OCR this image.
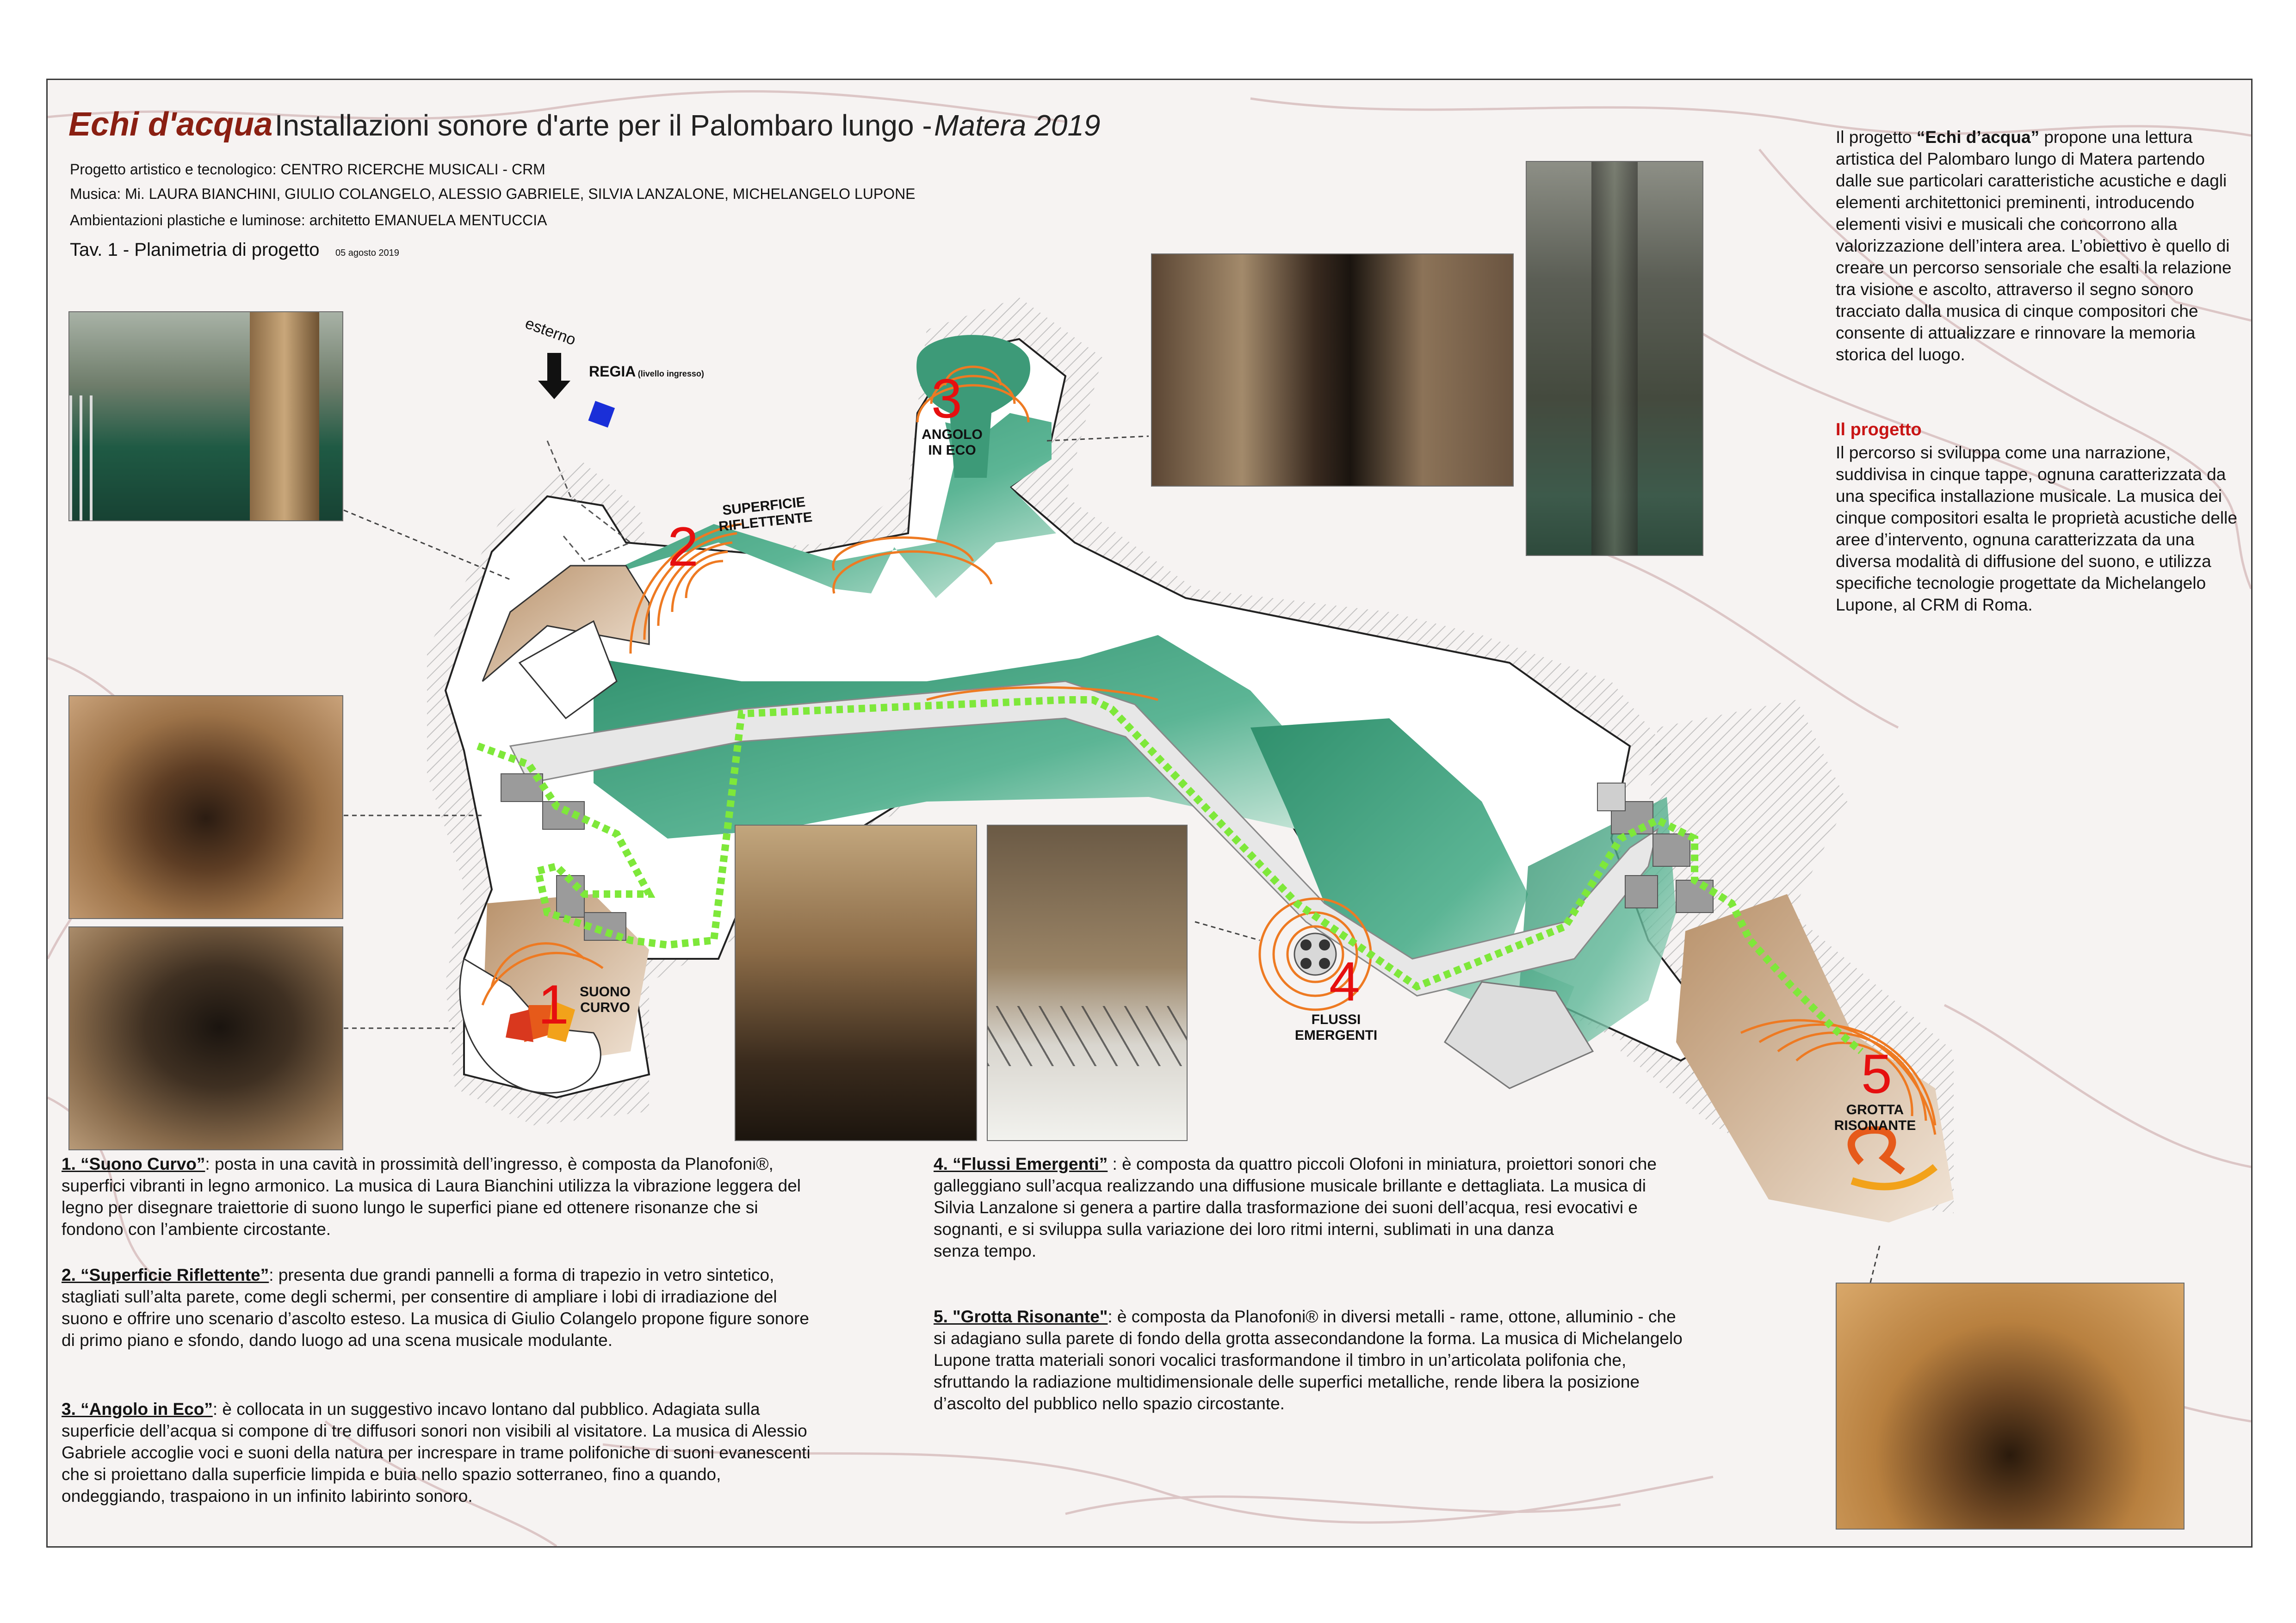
Echi d'acqua Installazioni sonore d'arte per il Palombaro lungo - Matera 2019
Progetto artistico e tecnologico: CENTRO RICERCHE MUSICALI - CRM
Musica: Mi. LAURA BIANCHINI, GIULIO COLANGELO, ALESSIO GABRIELE, SILVIA LANZALONE, MICHELANGELO LUPONE
Ambientazioni plastiche e luminose: architetto EMANUELA MENTUCCIA
Tav. 1 - Planimetria di progetto 05 agosto 2019
Il progetto “Echi d’acqua” propone una lettura artistica del Palombaro lungo di Matera partendo dalle sue particolari caratteristiche acustiche e dagli elementi architettonici preminenti, introducendo elementi visivi e musicali che concorrono alla valorizzazione dell’intera area. L’obiettivo è quello di creare un percorso sensoriale che esalti la relazione tra visione e ascolto, attraverso il segno sonoro tracciato dalla musica di cinque compositori che consente di attualizzare e rinnovare la memoria storica del luogo.
Il progetto
Il percorso si sviluppa come una narrazione, suddivisa in cinque tappe, ognuna caratterizzata da una specifica installazione musicale. La musica dei cinque compositori esalta le proprietà acustiche delle aree d’intervento, ognuna caratterizzata da una diversa modalità di diffusione del suono, e utilizza specifiche tecnologie progettate da Michelangelo Lupone, al CRM di Roma.
esterno
REGIA (livello ingresso)
SUPERFICIE RIFLETTENTE
1 SUONO CURVO
2
3
ANGOLO IN ECO
4
FLUSSI EMERGENTI
5
GROTTA RISONANTE
1. “Suono Curvo”: posta in una cavità in prossimità dell’ingresso, è composta da Planofoni®, superfici vibranti in legno armonico. La musica di Laura Bianchini utilizza la vibrazione leggera del legno per disegnare traiettorie di suono lungo le superfici piane ed ottenere risonanze che si fondono con l’ambiente circostante.
2. “Superficie Riflettente”: presenta due grandi pannelli a forma di trapezio in vetro sintetico, stagliati sull’alta parete, come degli schermi, per consentire di ampliare i lobi di irradiazione del suono e offrire uno scenario d’ascolto esteso. La musica di Giulio Colangelo propone figure sonore di primo piano e sfondo, dando luogo ad una scena musicale modulante.
3. “Angolo in Eco”: è collocata in un suggestivo incavo lontano dal pubblico. Adagiata sulla superficie dell’acqua si compone di tre diffusori sonori non visibili al visitatore. La musica di Alessio Gabriele accoglie voci e suoni della natura per increspare in trame polifoniche di suoni evanescenti che si proiettano dalla superficie limpida e buia nello spazio sotterraneo, fino a quando, ondeggiando, traspaiono in un infinito labirinto sonoro.
4. “Flussi Emergenti” : è composta da quattro piccoli Olofoni in miniatura, proiettori sonori che galleggiano sull’acqua realizzando una diffusione musicale brillante e dettagliata. La musica di Silvia Lanzalone si genera a partire dalla trasformazione dei suoni dell’acqua, resi evocativi e sognanti, e si sviluppa sulla variazione dei loro ritmi interni, sublimati in una danza
senza tempo.
5. "Grotta Risonante": è composta da Planofoni® in diversi metalli - rame, ottone, alluminio - che si adagiano sulla parete di fondo della grotta assecondandone la forma. La musica di Michelangelo Lupone tratta materiali sonori vocalici trasformandone il timbro in un’articolata polifonia che, sfruttando la radiazione multidimensionale delle superfici metalliche, rende libera la posizione d’ascolto del pubblico nello spazio circostante.
